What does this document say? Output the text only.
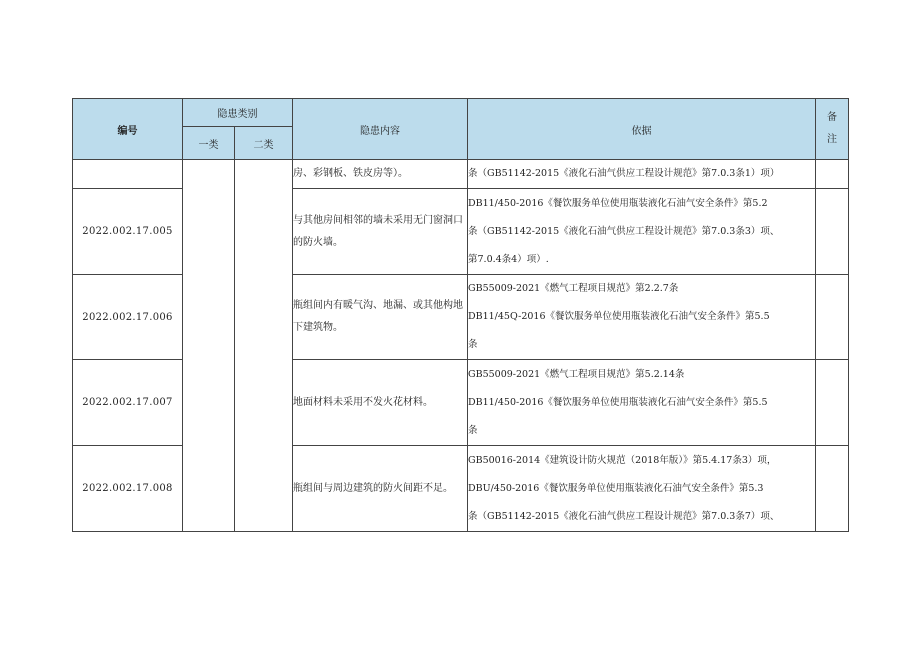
编号	隐患类别		隐患内容	依据	备
注

	一类	二类			
			房、彩钢板、铁皮房等）。	条（GB51142-2015《液化石油气供应工程设计规范》第7.0.3条1）项）	

2022.002.17.005			与其他房间相邻的墙未采用无门窗洞口的防火墙。	DB11/450-2016《餐饮服务单位使用瓶装液化石油气安全条件》第5.2
条（GB51142-2015《液化石油气供应工程设计规范》第7.0.3条3）项、
第7.0.4条4）项）.	

2022.002.17.006			瓶组间内有暖气沟、地漏、或其他构地下建筑物。	GB55009-2021《燃气工程项目规范》第2.2.7条
DB11/45Q-2016《餐饮服务单位使用瓶装液化石油气安全条件》第5.5
条	

2022.002.17.007			地面材料未采用不发火花材料。	GB55009-2021《燃气工程项目规范》第5.2.14条
DB11/450-2016《餐饮服务单位使用瓶装液化石油气安全条件》第5.5
条	

2022.002.17.008			瓶组间与周边建筑的防火间距不足。	GB50016-2014《建筑设计防火规范（2018年版）》第5.4.17条3）项，
DBU/450-2016《餐饮服务单位使用瓶装液化石油气安全条件》第5.3
条（GB51142-2015《液化石油气供应工程设计规范》第7.0.3条7）项、	
